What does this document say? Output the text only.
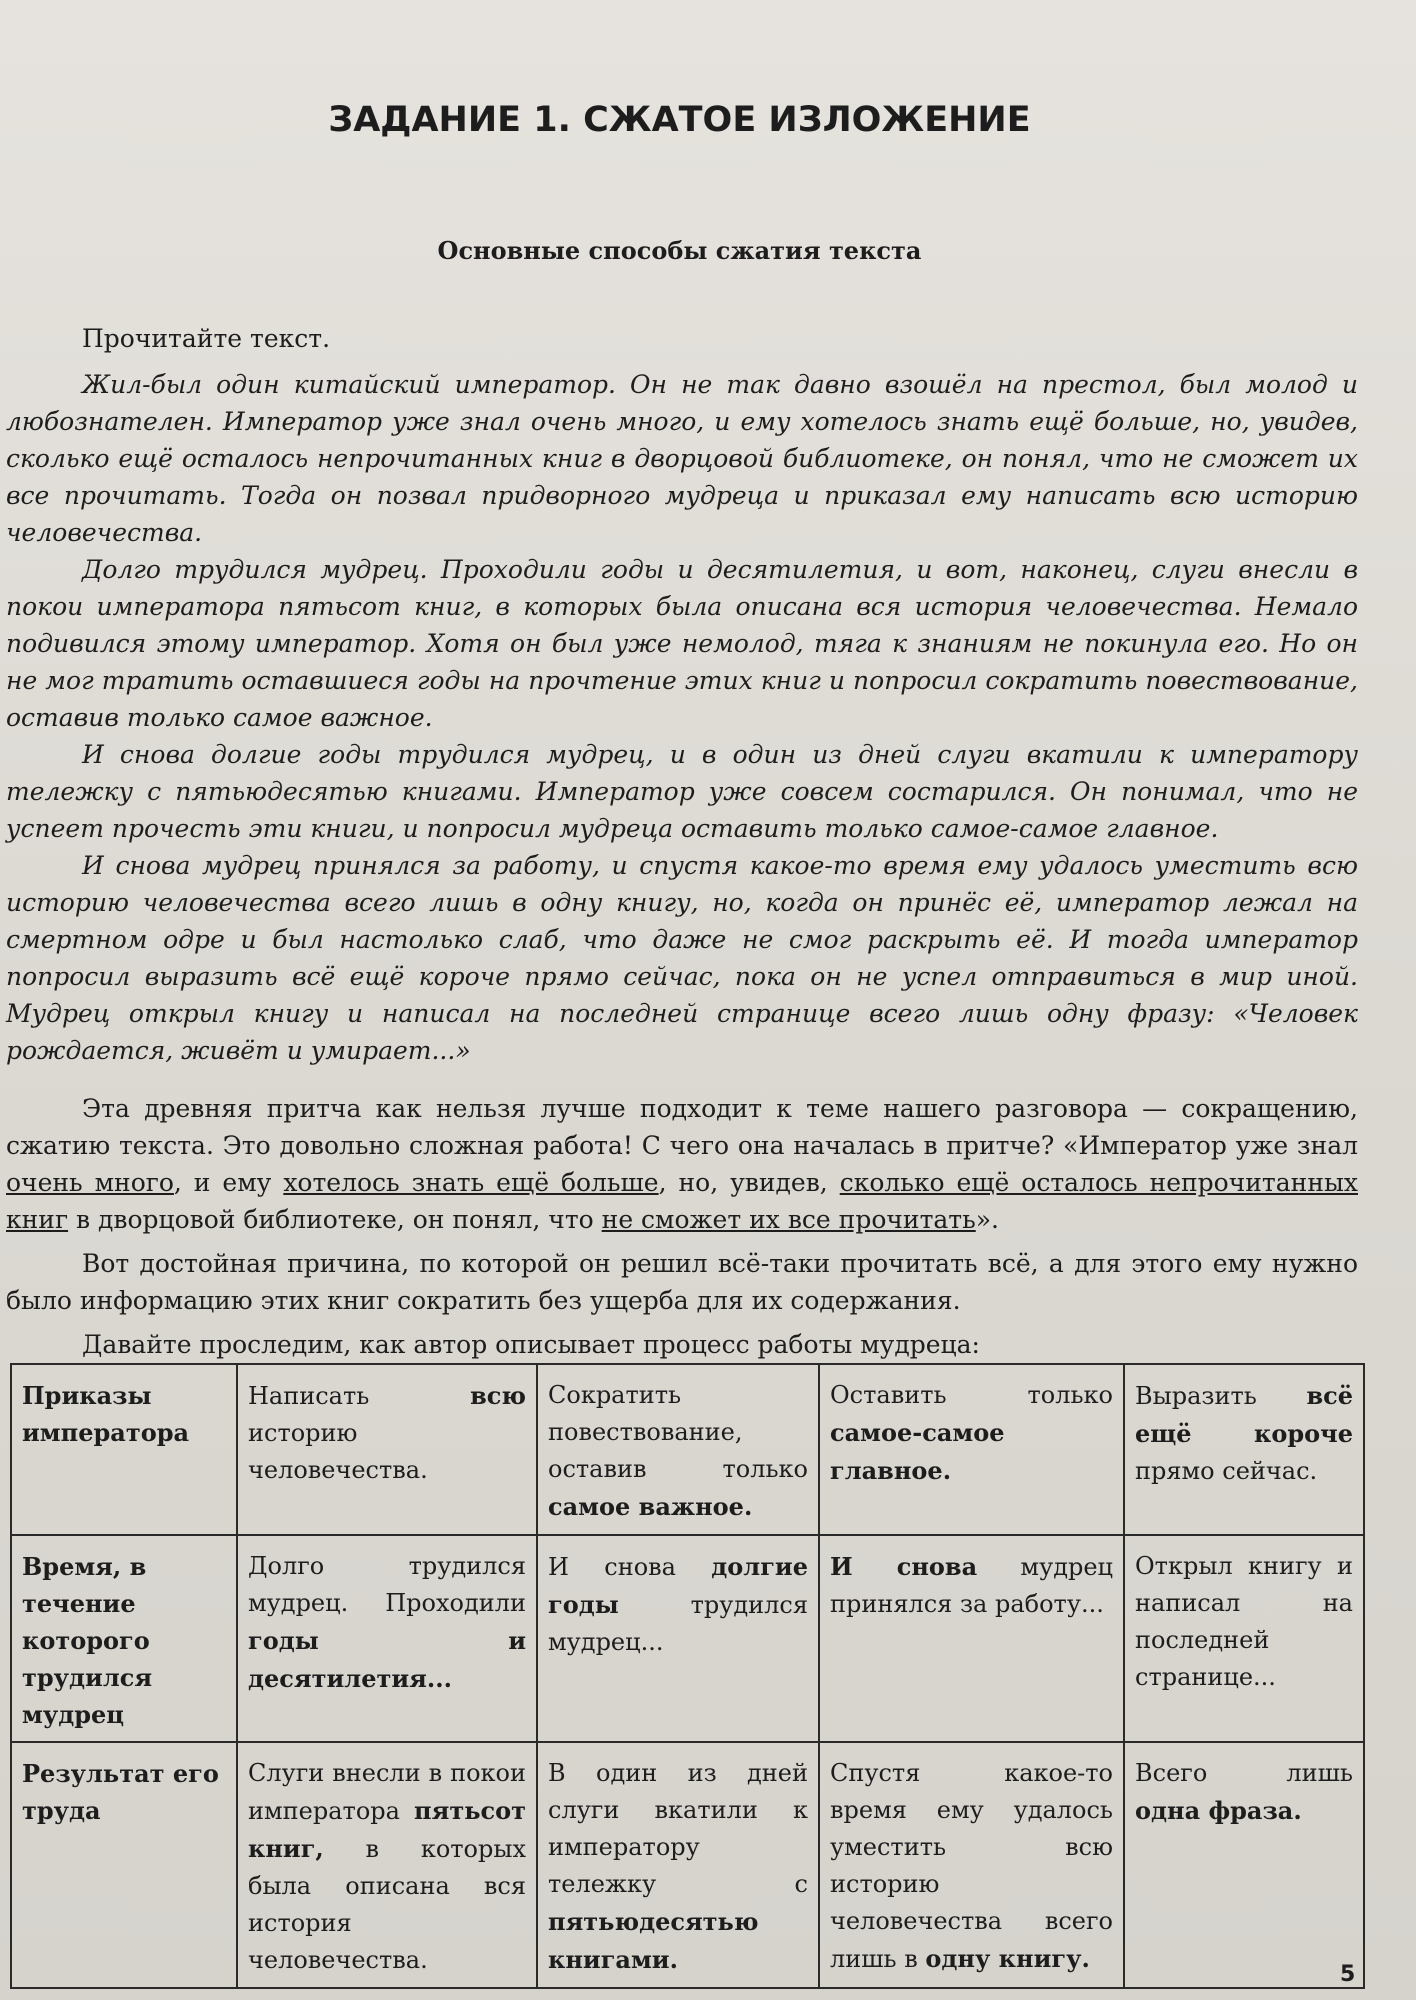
ЗАДАНИЕ 1. СЖАТОЕ ИЗЛОЖЕНИЕ
Основные способы сжатия текста

Прочитайте текст.

Жил-был один китайский император. Он не так давно взошёл на престол, был молод и любознателен. Император уже знал очень много, и ему хотелось знать ещё больше, но, увидев, сколько ещё осталось непрочитанных книг в дворцовой библиотеке, он понял, что не сможет их все прочитать. Тогда он позвал придворного мудреца и приказал ему написать всю историю человечества.

Долго трудился мудрец. Проходили годы и десятилетия, и вот, наконец, слуги внесли в покои императора пятьсот книг, в которых была описана вся история человечества. Немало подивился этому император. Хотя он был уже немолод, тяга к знаниям не покинула его. Но он не мог тратить оставшиеся годы на прочтение этих книг и попросил сократить повествование, оставив только самое важное.

И снова долгие годы трудился мудрец, и в один из дней слуги вкатили к императору тележку с пятьюдесятью книгами. Император уже совсем состарился. Он понимал, что не успеет прочесть эти книги, и попросил мудреца оставить только самое-самое главное.

И снова мудрец принялся за работу, и спустя какое-то время ему удалось уместить всю историю человечества всего лишь в одну книгу, но, когда он принёс её, император лежал на смертном одре и был настолько слаб, что даже не смог раскрыть её. И тогда император попросил выразить всё ещё короче прямо сейчас, пока он не успел отправиться в мир иной. Мудрец открыл книгу и написал на последней странице всего лишь одну фразу: «Человек рождается, живёт и умирает...»

Эта древняя притча как нельзя лучше подходит к теме нашего разговора — сокращению, сжатию текста. Это довольно сложная работа! С чего она началась в притче? «Император уже знал очень много, и ему хотелось знать ещё больше, но, увидев, сколько ещё осталось непрочитанных книг в дворцовой библиотеке, он понял, что не сможет их все прочитать».

Вот достойная причина, по которой он решил всё-таки прочитать всё, а для этого ему нужно было информацию этих книг сократить без ущерба для их содержания.

Давайте проследим, как автор описывает процесс работы мудреца:

Приказы императора	Написать всю историю человечества.	Сократить повествование, оставив только самое важное.	Оставить только самое-самое главное.	Выразить всё ещё короче прямо сейчас.
Время, в течение которого трудился мудрец	Долго трудился мудрец. Проходили годы и десятилетия...	И снова долгие годы трудился мудрец...	И снова мудрец принялся за работу...	Открыл книгу и написал на последней странице...
Результат его труда	Слуги внесли в покои императора пятьсот книг, в которых была описана вся история человечества.	В один из дней слуги вкатили к императору тележку с пятьюдесятью книгами.	Спустя какое-то время ему удалось уместить всю историю человечества всего лишь в одну книгу.	Всего лишь одна фраза.
5
